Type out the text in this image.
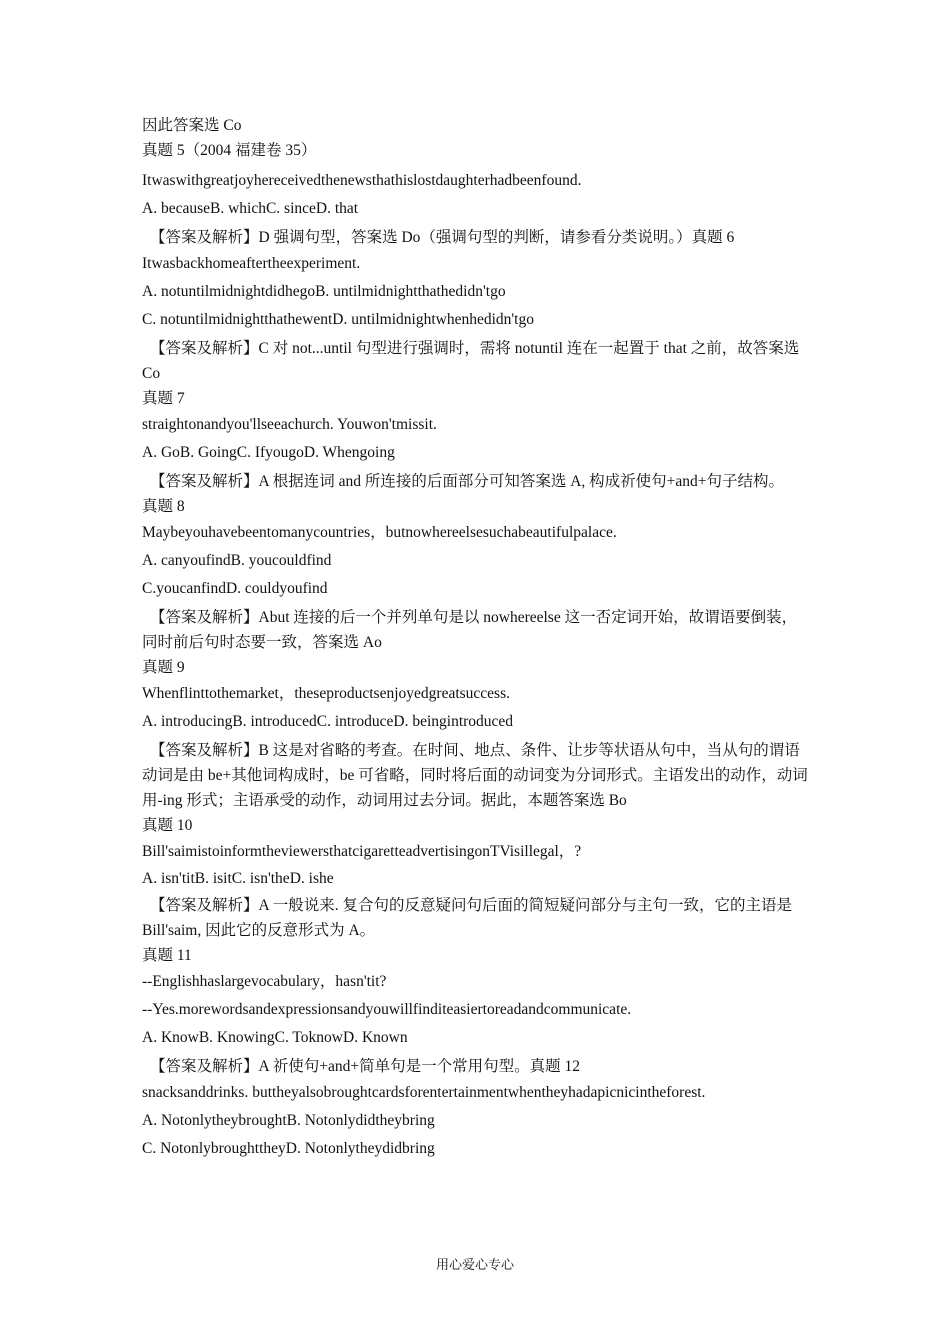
因此答案选 Co
真题 5（2004 福建卷 35）
Itwaswithgreatjoyhereceivedthenewsthathislostdaughterhadbeenfound.
A. becauseB. whichC. sinceD. that
【答案及解析】D 强调句型，答案选 Do（强调句型的判断，请参看分类说明。）真题 6
Itwasbackhomeaftertheexperiment.
A. notuntilmidnightdidhegoB. untilmidnightthathedidn'tgo
C. notuntilmidnightthathewentD. untilmidnightwhenhedidn'tgo
【答案及解析】C 对 not...until 句型进行强调时，需将 notuntil 连在一起置于 that 之前，故答案选 Co
真题 7
straightonandyou'llseeachurch. Youwon'tmissit.
A. GoB. GoingC. IfyougoD. Whengoing
【答案及解析】A 根据连词 and 所连接的后面部分可知答案选 A, 构成祈使句+and+句子结构。
真题 8
Maybeyouhavebeentomanycountries，butnowhereelsesuchabeautifulpalace.
A. canyoufindB. youcouldfind
C.youcanfindD. couldyoufind
【答案及解析】Abut 连接的后一个并列单句是以 nowhereelse 这一否定词开始，故谓语要倒装，同时前后句时态要一致，答案选 Ao
真题 9
Whenflinttothemarket，theseproductsenjoyedgreatsuccess.
A. introducingB. introducedC. introduceD. beingintroduced
【答案及解析】B 这是对省略的考查。在时间、地点、条件、让步等状语从句中，当从句的谓语动词是由 be+其他词构成时，be 可省略，同时将后面的动词变为分词形式。主语发出的动作，动词用-ing 形式；主语承受的动作，动词用过去分词。据此，本题答案选 Bo
真题 10
Bill'saimistoinformtheviewersthatcigaretteadvertisingonTVisillegal，?
A. isn'titB. isitC. isn'theD. ishe
【答案及解析】A 一般说来. 复合句的反意疑问句后面的简短疑问部分与主句一致，它的主语是 Bill'saim, 因此它的反意形式为 A。
真题 11
--Englishhaslargevocabulary，hasn'tit?
--Yes.morewordsandexpressionsandyouwillfinditeasiertoreadandcommunicate.
A. KnowB. KnowingC. ToknowD. Known
【答案及解析】A 祈使句+and+简单句是一个常用句型。真题 12
snacksanddrinks. buttheyalsobroughtcardsforentertainmentwhentheyhadapicnicintheforest.
A. NotonlytheybroughtB. Notonlydidtheybring
C. NotonlybroughttheyD. Notonlytheydidbring
用心爱心专心
